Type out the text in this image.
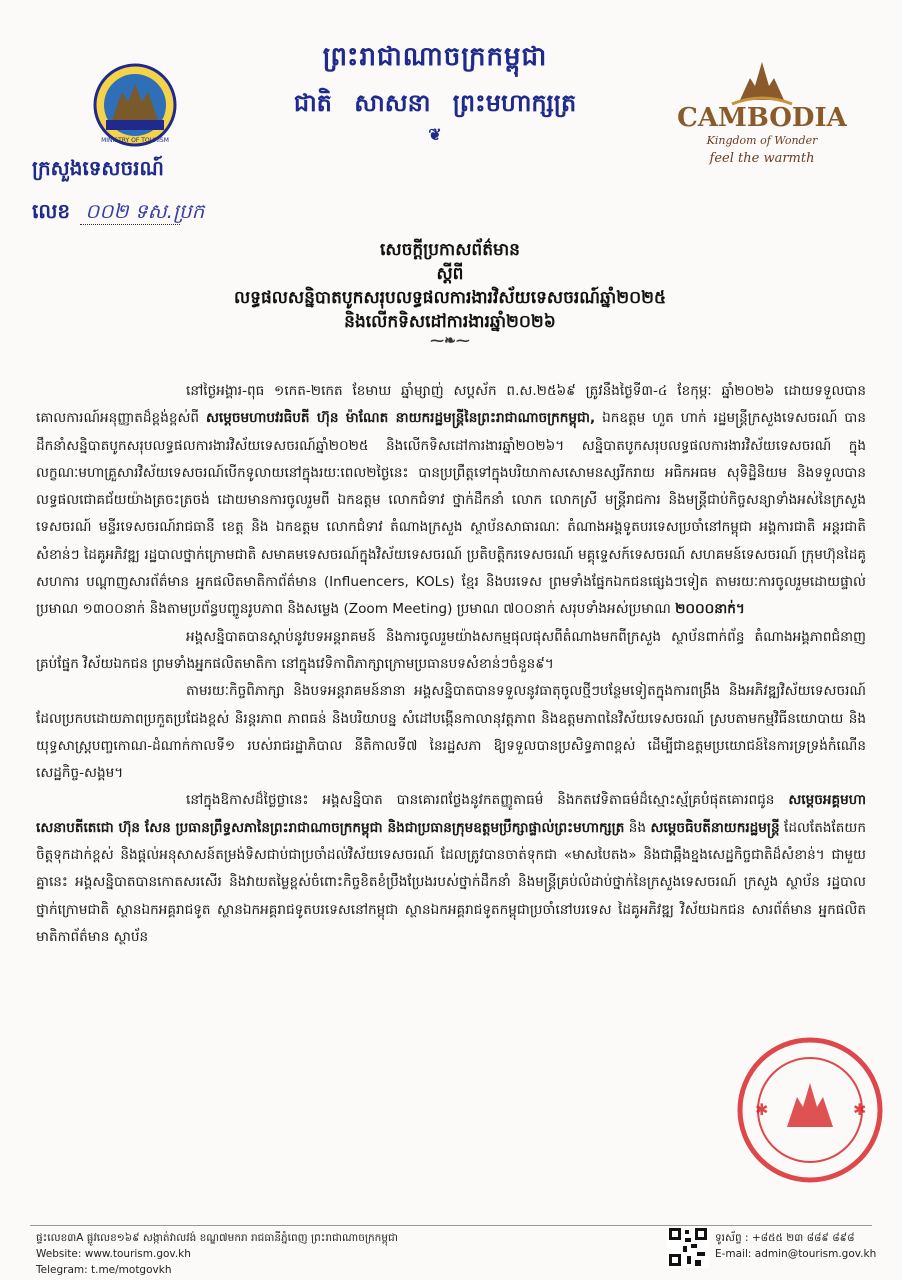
MINISTRY OF TOURISM
ព្រះរាជាណាចក្រកម្ពុជា
ជាតិ សាសនា ព្រះមហាក្សត្រ
❦
CAMBODIA
Kingdom of Wonder
feel the warmth
ក្រសួងទេសចរណ៍
លេខ ០០២ ទស.ប្រក
សេចក្តីប្រកាសព័ត៌មាន
ស្តីពី
លទ្ធផលសន្និបាតបូកសរុបលទ្ធផលការងារវិស័យទេសចរណ៍ឆ្នាំ២០២៥
និងលើកទិសដៅការងារឆ្នាំ២០២៦
⁓❧⁓

នៅថ្ងៃអង្គារ-ពុធ ១កេត-២កេត ខែមាឃ ឆ្នាំម្សាញ់ សប្តស័ក ព.ស.២៥៦៩ ត្រូវនឹងថ្ងៃទី៣-៤ ខែកុម្ភៈ ឆ្នាំ២០២៦ ដោយទទួលបានគោលការណ៍អនុញ្ញាតដ៏ខ្ពង់ខ្ពស់ពី សម្តេចមហាបវរធិបតី ហ៊ុន ម៉ាណែត នាយករដ្ឋមន្ត្រីនៃព្រះរាជាណាចក្រកម្ពុជា, ឯកឧត្តម ហួត ហាក់ រដ្ឋមន្ត្រីក្រសួងទេសចរណ៍ បានដឹកនាំសន្និបាតបូកសរុបលទ្ធផលការងារវិស័យទេសចរណ៍ឆ្នាំ២០២៥ និងលើកទិសដៅការងារឆ្នាំ២០២៦។ សន្និបាតបូកសរុបលទ្ធផលការងារវិស័យទេសចរណ៍ ក្នុងលក្ខណៈមហាគ្រួសារវិស័យទេសចរណ៍បើកទូលាយនៅក្នុងរយៈពេល២ថ្ងៃនេះ បានប្រព្រឹត្តទៅក្នុងបរិយាកាសសោមនស្សរីករាយ អធិកអធម សុទិដ្ឋិនិយម និងទទួលបានលទ្ធផលជោគជ័យយ៉ាងត្រចះត្រចង់ ដោយមានការចូលរួមពី ឯកឧត្តម លោកជំទាវ ថ្នាក់ដឹកនាំ លោក លោកស្រី មន្ត្រីរាជការ និងមន្ត្រីជាប់កិច្ចសន្យាទាំងអស់នៃក្រសួងទេសចរណ៍ មន្ទីរទេសចរណ៍រាជធានី ខេត្ត និង ឯកឧត្តម លោកជំទាវ តំណាងក្រសួង ស្ថាប័នសាធារណៈ តំណាងអង្គទូតបរទេសប្រចាំនៅកម្ពុជា អង្គការជាតិ អន្តរជាតិសំខាន់ៗ ដៃគូអភិវឌ្ឍ រដ្ឋបាលថ្នាក់ក្រោមជាតិ សមាគមទេសចរណ៍ក្នុងវិស័យទេសចរណ៍ ប្រតិបត្តិករទេសចរណ៍ មគ្គុទ្ទេសក៍ទេសចរណ៍ សហគមន៍ទេសចរណ៍ ក្រុមហ៊ុនដៃគូសហការ បណ្តាញសារព័ត៌មាន អ្នកផលិតមាតិកាព័ត៌មាន (Influencers, KOLs) ខ្មែរ និងបរទេស ព្រមទាំងផ្នែកឯកជនផ្សេងៗទៀត តាមរយៈការចូលរួមដោយផ្ទាល់ ប្រមាណ ១៣០០នាក់ និងតាមប្រព័ន្ធបញ្ចូនរូបភាព និងសម្លេង (Zoom Meeting) ប្រមាណ ៧០០នាក់ សរុបទាំងអស់ប្រមាណ ២០០០នាក់។

អង្គសន្និបាតបានស្តាប់នូវបទអន្តរាគមន៍ និងការចូលរួមយ៉ាងសកម្មផុលផុសពីតំណាងមកពីក្រសួង ស្ថាប័នពាក់ព័ន្ធ តំណាងអង្គភាពជំនាញគ្រប់ផ្នែក វិស័យឯកជន ព្រមទាំងអ្នកផលិតមាតិកា នៅក្នុងវេទិកាពិភាក្សាក្រោមប្រធានបទសំខាន់ៗចំនួន៩។

តាមរយៈកិច្ចពិភាក្សា និងបទអន្តរាគមន៍នានា អង្គសន្និបាតបានទទួលនូវធាតុចូលថ្មីៗបន្ថែមទៀតក្នុងការពង្រឹង និងអភិវឌ្ឍវិស័យទេសចរណ៍ ដែលប្រកបដោយភាពប្រកួតប្រជែងខ្ពស់ និរន្តរភាព ភាពធន់ និងបរិយាបន្ន សំដៅបង្កើនកាលានុវត្តភាព និងឧត្តមភាពនៃវិស័យទេសចរណ៍ ស្របតាមកម្មវិធីនយោបាយ និងយុទ្ធសាស្ត្របញ្ចកោណ-ដំណាក់កាលទី១ របស់រាជរដ្ឋាភិបាល នីតិកាលទី៧ នៃរដ្ឋសភា ឱ្យទទួលបានប្រសិទ្ធភាពខ្ពស់ ដើម្បីជាឧត្តមប្រយោជន៍នៃការទ្រទ្រង់កំណើនសេដ្ឋកិច្ច-សង្គម។

នៅក្នុងឱកាសដ៏ថ្លៃថ្លានេះ អង្គសន្និបាត បានគោរពថ្លែងនូវកតញ្ញូតាធម៌ និងកតវេទិតាធម៌ដ៏ស្មោះស្ម័គ្របំផុតគោរពជូន សម្តេចអគ្គមហាសេនាបតីតេជោ ហ៊ុន សែន ប្រធានព្រឹទ្ធសភានៃព្រះរាជាណាចក្រកម្ពុជា និងជាប្រធានក្រុមឧត្តមប្រឹក្សាផ្ទាល់ព្រះមហាក្សត្រ និង សម្តេចធិបតីនាយករដ្ឋមន្ត្រី ដែលតែងតែយកចិត្តទុកដាក់ខ្ពស់ និងផ្តល់អនុសាសន៍តម្រង់ទិសជាប់ជាប្រចាំដល់វិស័យទេសចរណ៍ ដែលត្រូវបានចាត់ទុកជា «មាសបៃតង» និងជាឆ្អឹងខ្នងសេដ្ឋកិច្ចជាតិដ៏សំខាន់។ ជាមួយគ្នានេះ អង្គសន្និបាតបានកោតសរសើរ និងវាយតម្លៃខ្ពស់ចំពោះកិច្ចខិតខំប្រឹងប្រែងរបស់ថ្នាក់ដឹកនាំ និងមន្ត្រីគ្រប់លំដាប់ថ្នាក់នៃក្រសួងទេសចរណ៍ ក្រសួង ស្ថាប័ន រដ្ឋបាលថ្នាក់ក្រោមជាតិ ស្ថានឯកអគ្គរាជទូត ស្ថានឯកអគ្គរាជទូតបរទេសនៅកម្ពុជា ស្ថានឯកអគ្គរាជទូតកម្ពុជាប្រចាំនៅបរទេស ដៃគូអភិវឌ្ឍ វិស័យឯកជន សារព័ត៌មាន អ្នកផលិតមាតិកាព័ត៌មាន ស្ថាប័ន

✱	✱
ផ្ទះលេខ៣A ផ្លូវលេខ១៦៩ សង្កាត់វាលវង់ ខណ្ឌ៧មករា រាជធានីភ្នំពេញ ព្រះរាជាណាចក្រកម្ពុជា
Website: www.tourism.gov.kh
Telegram: t.me/motgovkh
ទូរស័ព្ទ : +៨៥៥ ២៣ ៨៨៩ ៨៩៨
E-mail: admin@tourism.gov.kh
